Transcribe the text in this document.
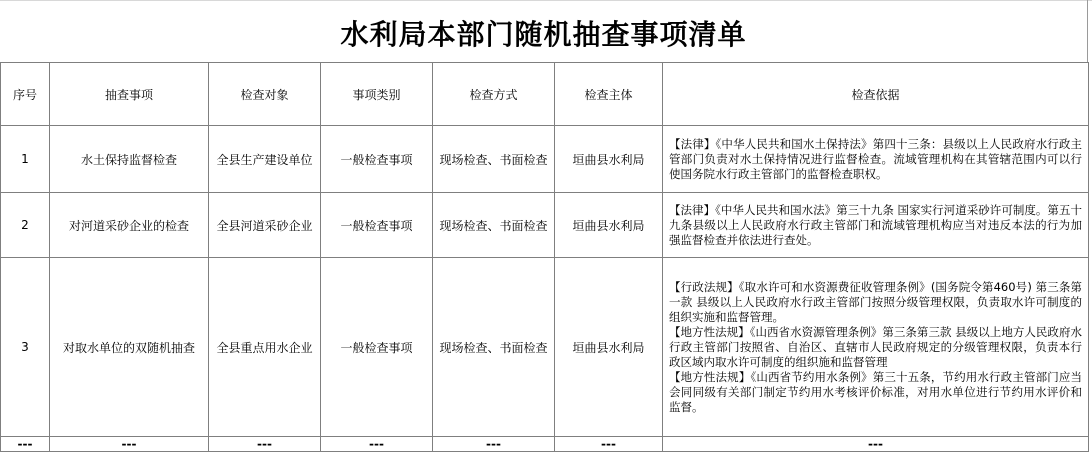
水利局本部门随机抽查事项清单
序号	抽查事项	检查对象	事项类别	检查方式	检查主体	检查依据
1	水土保持监督检查	全县生产建设单位	一般检查事项	现场检查、书面检查	垣曲县水利局	【法律】《中华人民共和国水土保持法》第四十三条：县级以上人民政府水行政主管部门负责对水土保持情况进行监督检查。流域管理机构在其管辖范围内可以行使国务院水行政主管部门的监督检查职权。

2	对河道采砂企业的检查	全县河道采砂企业	一般检查事项	现场检查、书面检查	垣曲县水利局	【法律】《中华人民共和国水法》第三十九条 国家实行河道采砂许可制度。第五十九条县级以上人民政府水行政主管部门和流域管理机构应当对违反本法的行为加强监督检查并依法进行查处。

3	对取水单位的双随机抽查	全县重点用水企业	一般检查事项	现场检查、书面检查	垣曲县水利局	【行政法规】《取水许可和水资源费征收管理条例》(国务院令第460号) 第三条第一款 县级以上人民政府水行政主管部门按照分级管理权限，负责取水许可制度的组织实施和监督管理。

【地方性法规】《山西省水资源管理条例》第三条第三款 县级以上地方人民政府水行政主管部门按照省、自治区、直辖市人民政府规定的分级管理权限，负责本行政区域内取水许可制度的组织施和监督管理

【地方性法规】《山西省节约用水条例》第三十五条，节约用水行政主管部门应当会同同级有关部门制定节约用水考核评价标准，对用水单位进行节约用水评价和监督。

---	---	---	---	---	---	---
